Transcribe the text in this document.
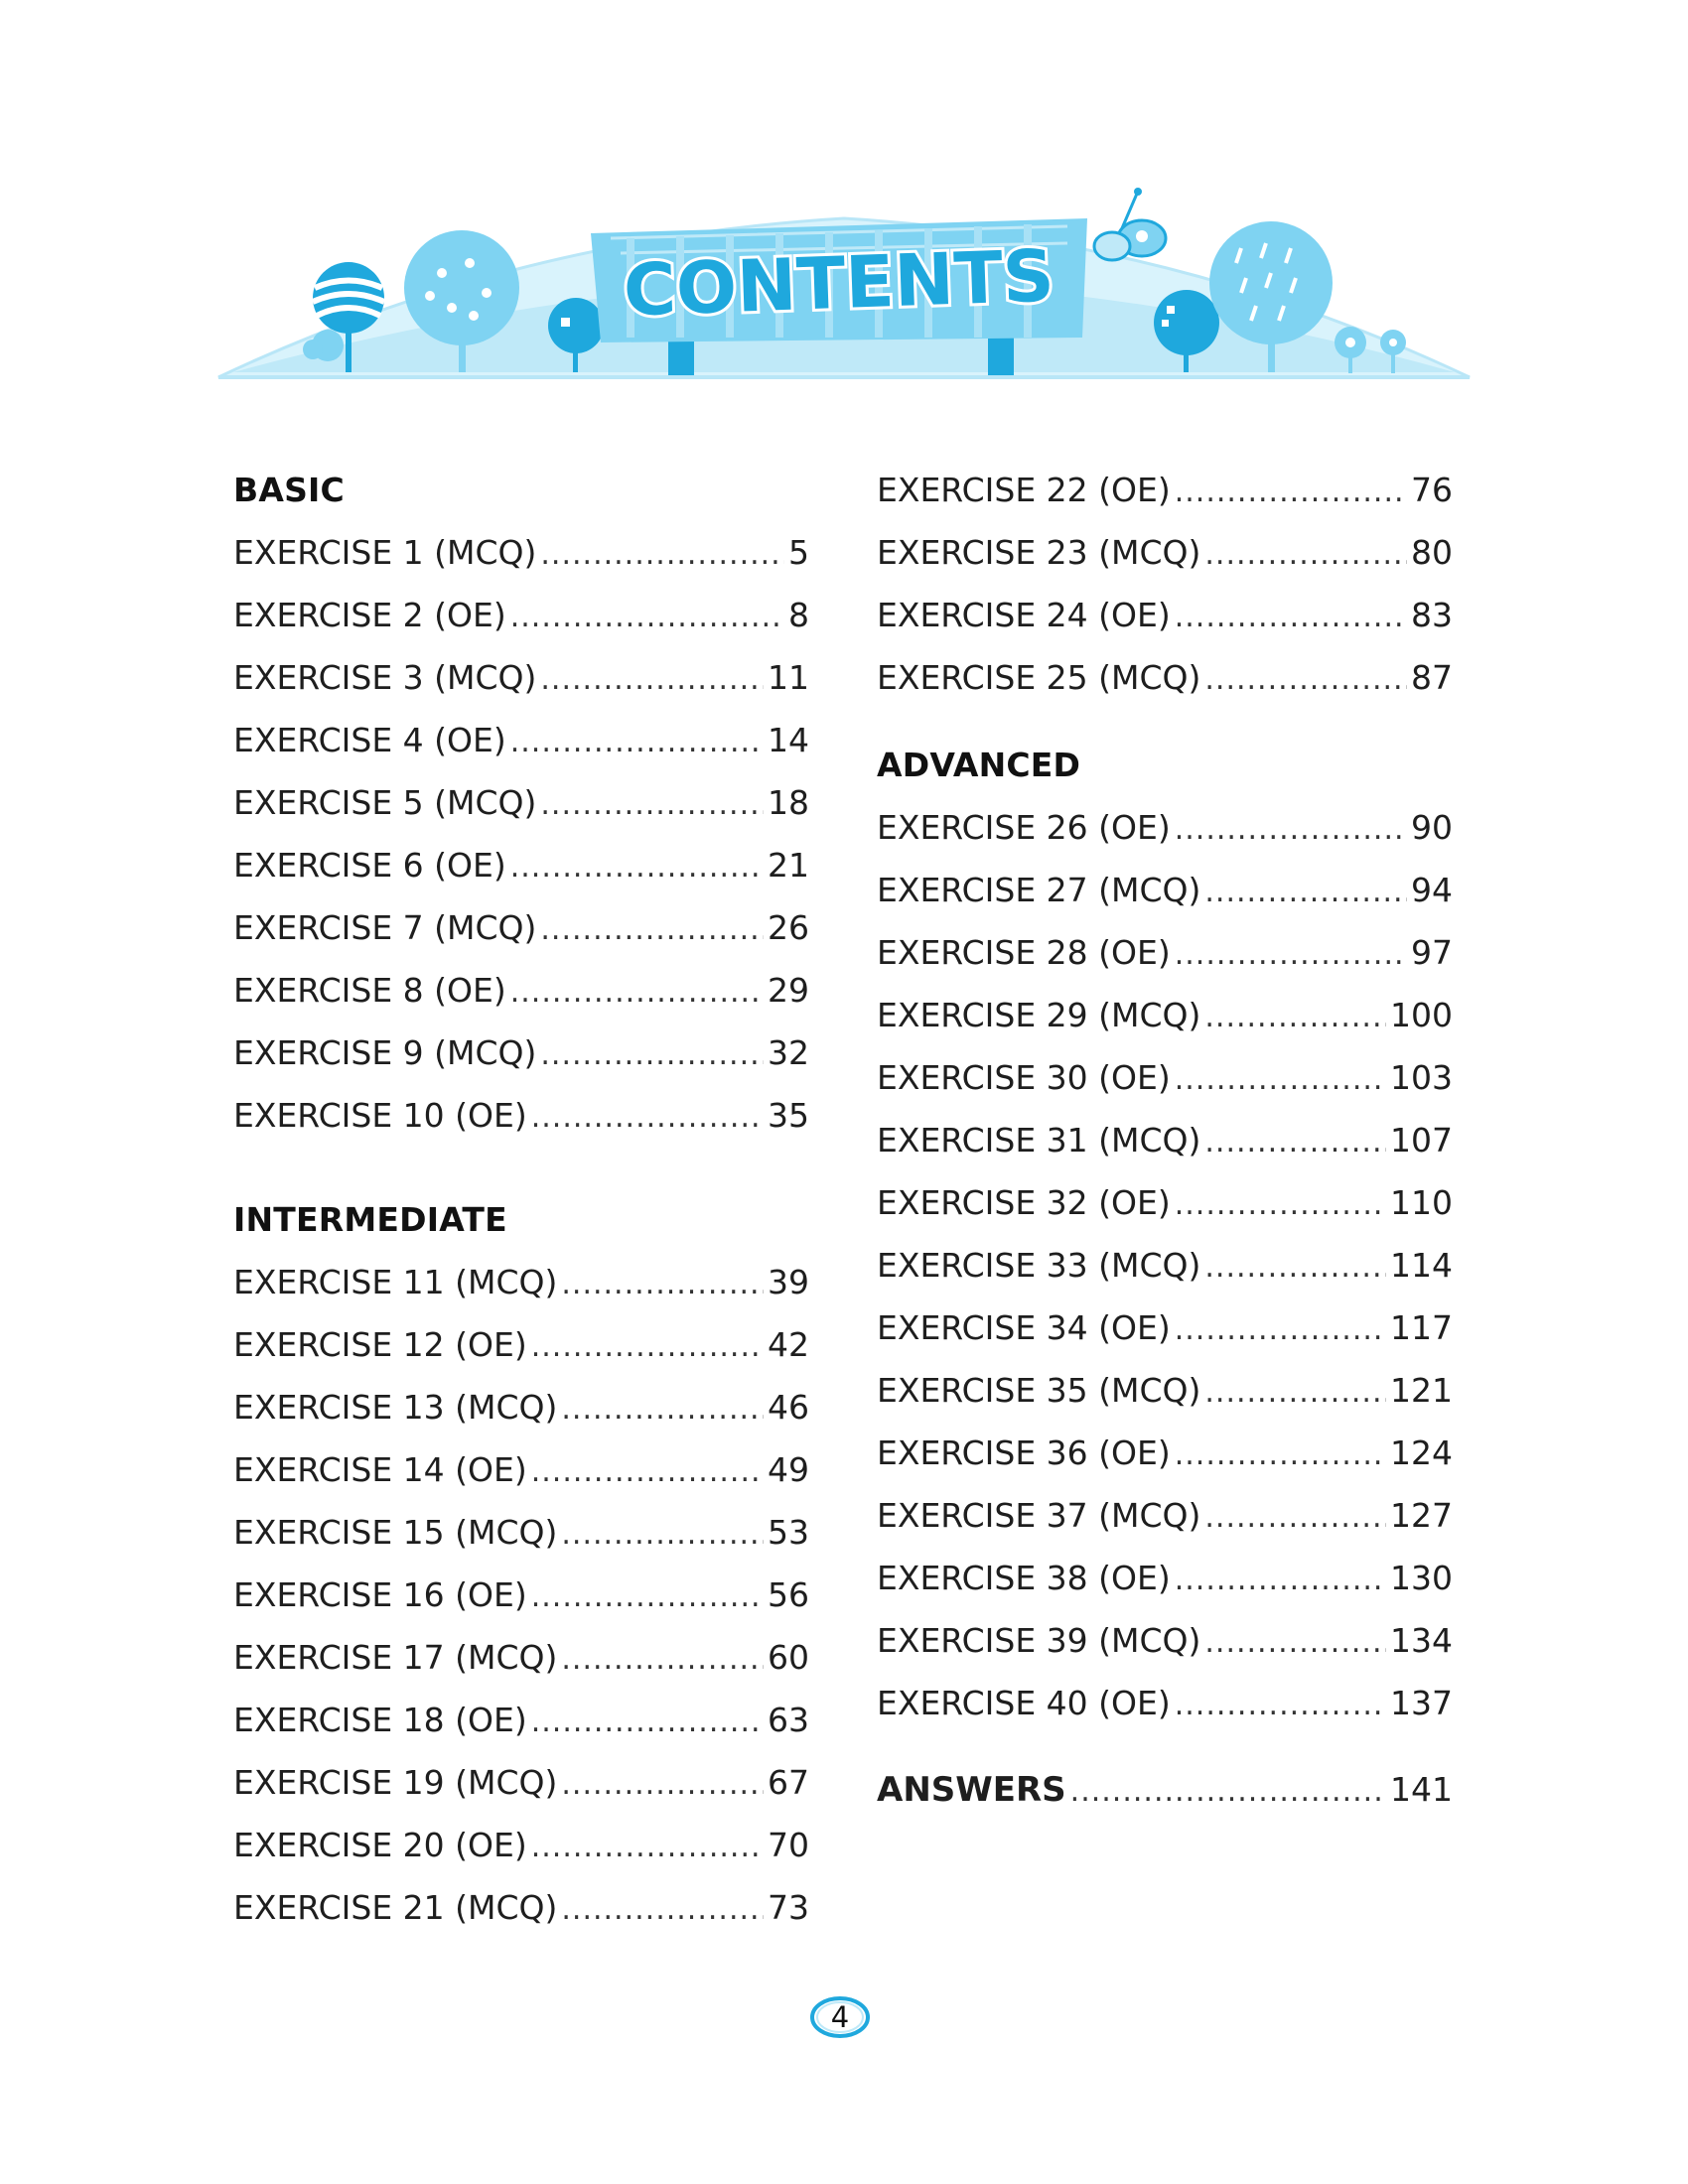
CONTENTS
BASIC
EXERCISE 1 (MCQ) .....	5
EXERCISE 2 (OE) .....	8
EXERCISE 3 (MCQ) .....	11
EXERCISE 4 (OE) .....	14
EXERCISE 5 (MCQ) .....	18
EXERCISE 6 (OE) .....	21
EXERCISE 7 (MCQ) .....	26
EXERCISE 8 (OE) .....	29
EXERCISE 9 (MCQ) .....	32
EXERCISE 10 (OE) .....	35
INTERMEDIATE
EXERCISE 11 (MCQ) .....	39
EXERCISE 12 (OE) .....	42
EXERCISE 13 (MCQ) .....	46
EXERCISE 14 (OE) .....	49
EXERCISE 15 (MCQ) .....	53
EXERCISE 16 (OE) .....	56
EXERCISE 17 (MCQ) .....	60
EXERCISE 18 (OE) .....	63
EXERCISE 19 (MCQ) .....	67
EXERCISE 20 (OE) .....	70
EXERCISE 21 (MCQ) .....	73
EXERCISE 22 (OE) .....	76
EXERCISE 23 (MCQ) .....	80
EXERCISE 24 (OE) .....	83
EXERCISE 25 (MCQ) .....	87
ADVANCED
EXERCISE 26 (OE) .....	90
EXERCISE 27 (MCQ) .....	94
EXERCISE 28 (OE) .....	97
EXERCISE 29 (MCQ) .....	100
EXERCISE 30 (OE) .....	103
EXERCISE 31 (MCQ) .....	107
EXERCISE 32 (OE) .....	110
EXERCISE 33 (MCQ) .....	114
EXERCISE 34 (OE) .....	117
EXERCISE 35 (MCQ) .....	121
EXERCISE 36 (OE) .....	124
EXERCISE 37 (MCQ) .....	127
EXERCISE 38 (OE) .....	130
EXERCISE 39 (MCQ) .....	134
EXERCISE 40 (OE) .....	137
ANSWERS .....	141
4
